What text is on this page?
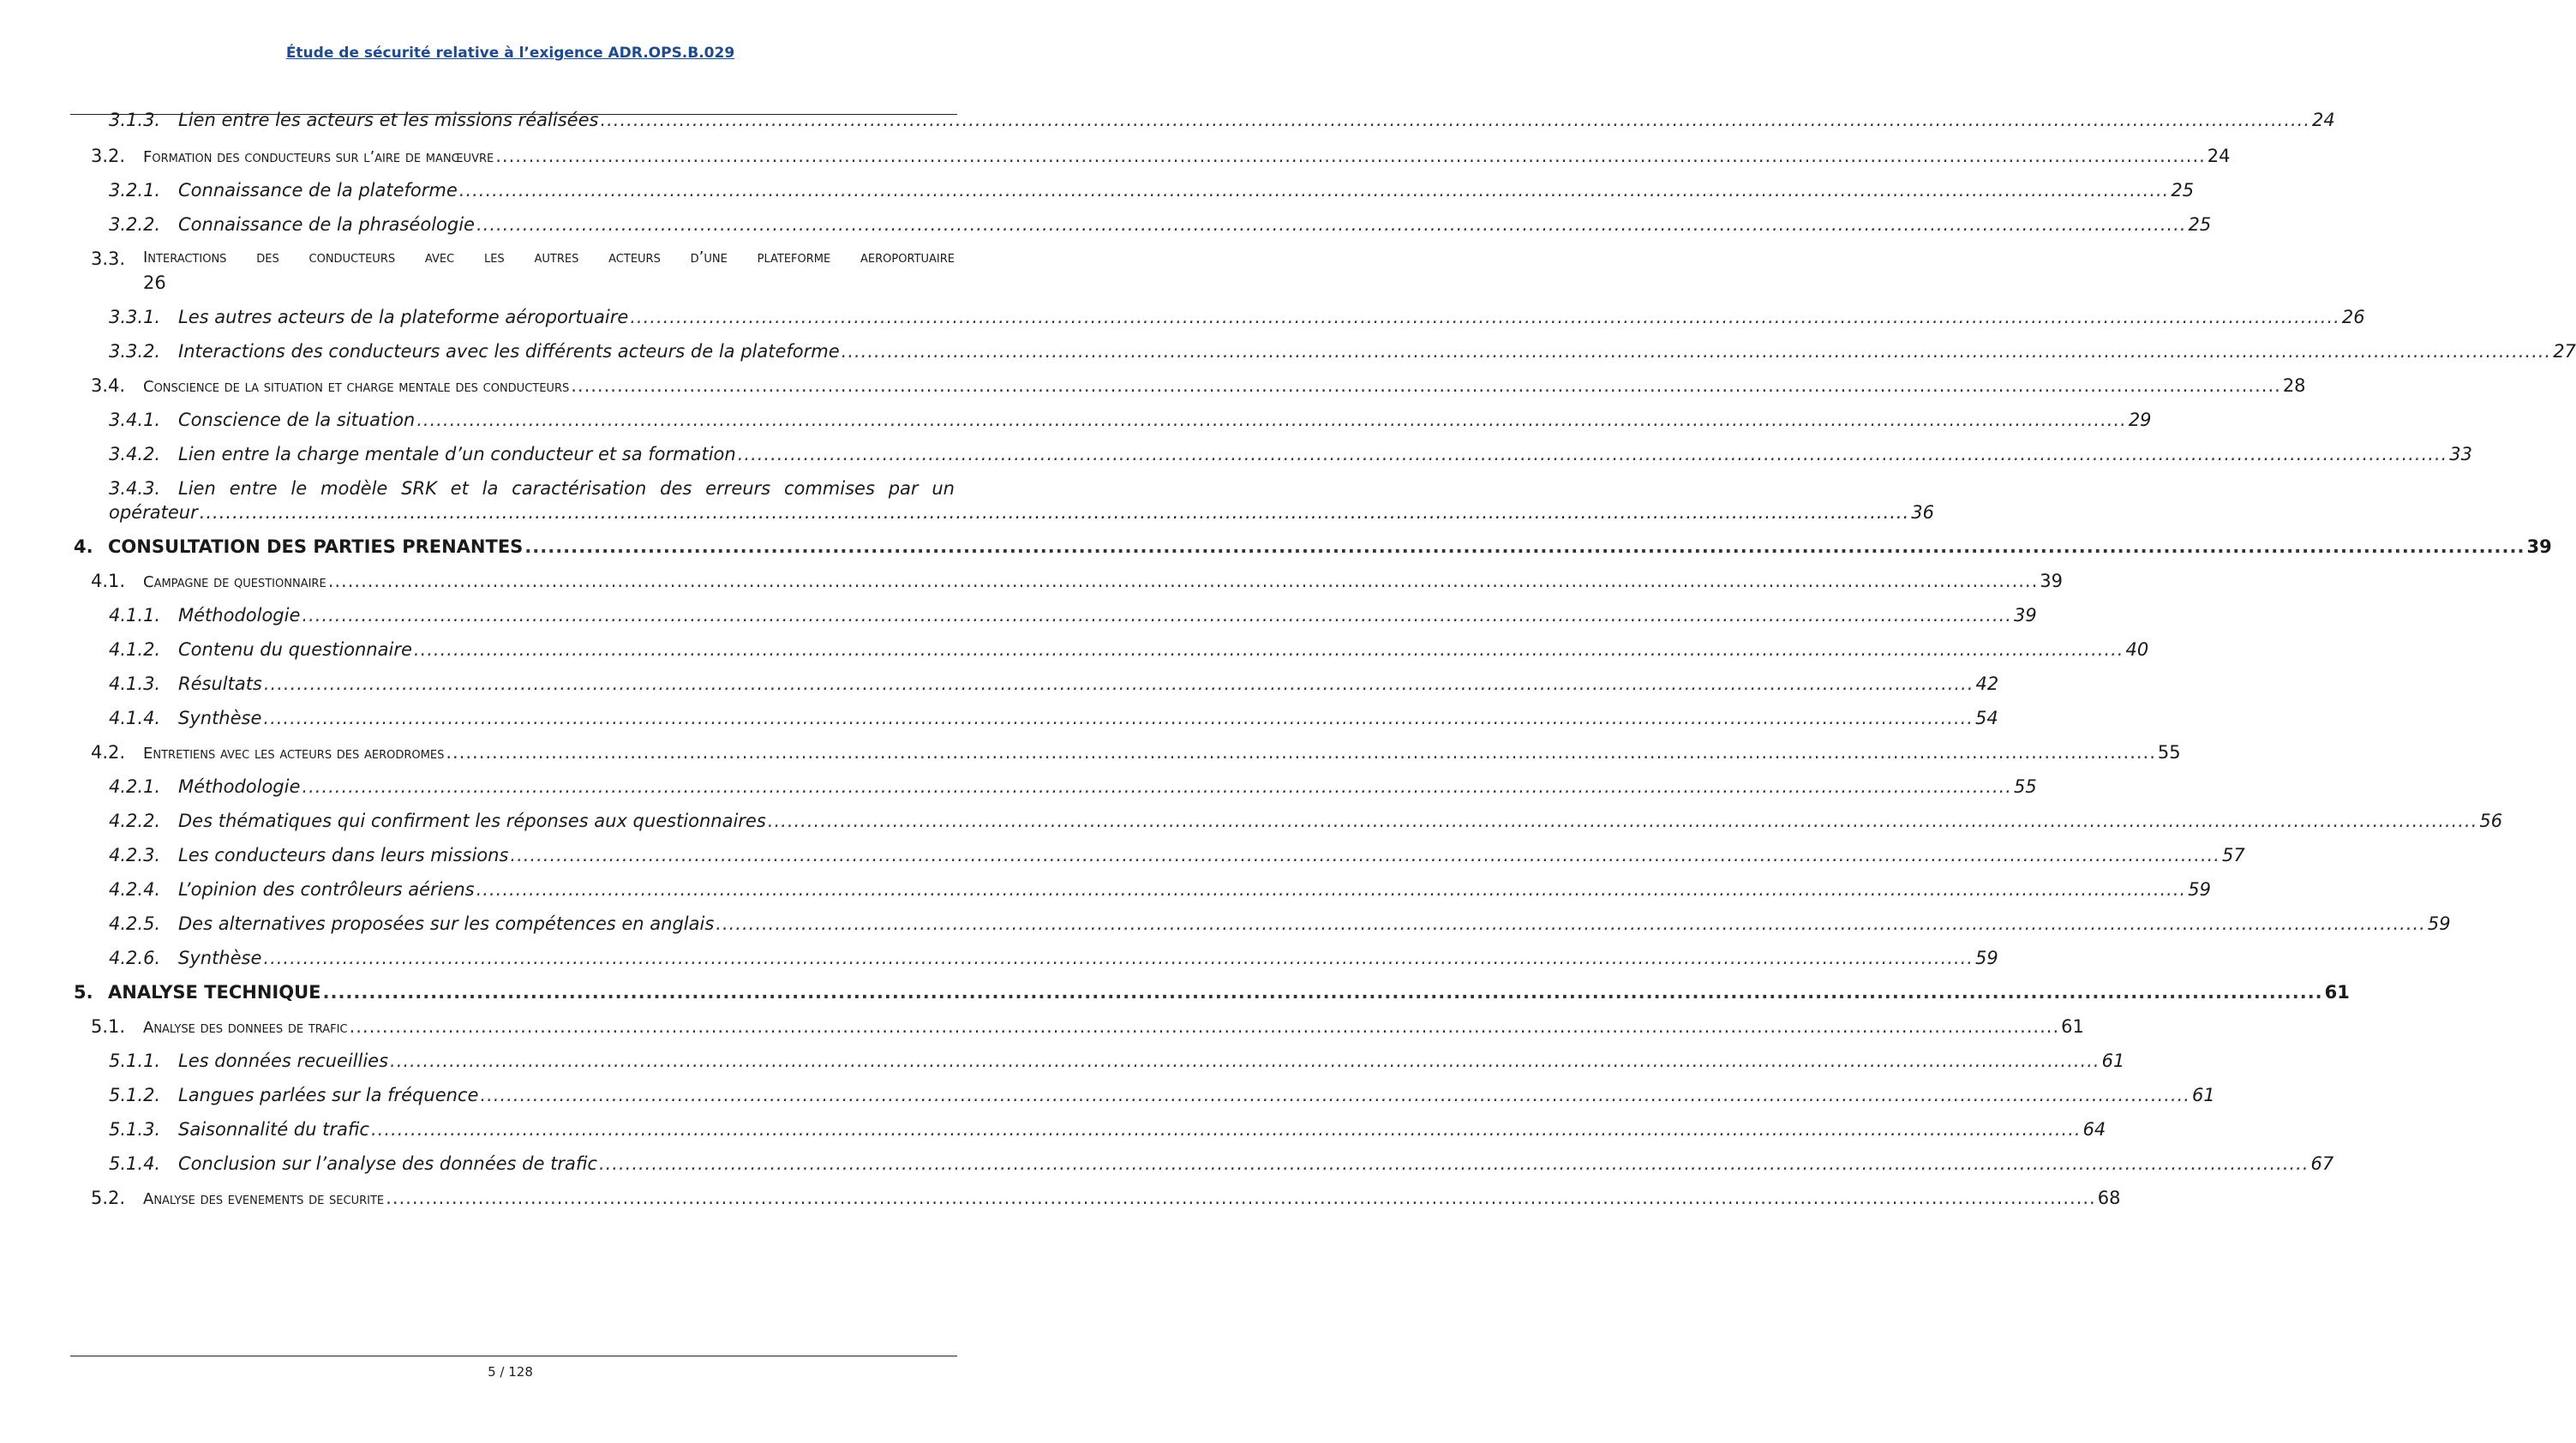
Étude de sécurité relative à l’exigence ADR.OPS.B.029
3.1.3. Lien entre les acteurs et les missions réalisées .....	24
3.2.	Formation des conducteurs sur l’aire de manœuvre .....	24
3.2.1. Connaissance de la plateforme .....	25
3.2.2. Connaissance de la phraséologie .....	25
3.3.	Interactions des conducteurs avec les autres acteurs d’une plateforme aeroportuaire
26
3.3.1. Les autres acteurs de la plateforme aéroportuaire .....	26
3.3.2. Interactions des conducteurs avec les différents acteurs de la plateforme .....	27
3.4.	Conscience de la situation et charge mentale des conducteurs .....	28
3.4.1. Conscience de la situation .....	29
3.4.2. Lien entre la charge mentale d’un conducteur et sa formation .....	33
3.4.3. Lien entre le modèle SRK et la caractérisation des erreurs commises par un
opérateur .....	36
4. CONSULTATION DES PARTIES PRENANTES .....	39
4.1.	Campagne de questionnaire .....	39
4.1.1. Méthodologie .....	39
4.1.2. Contenu du questionnaire .....	40
4.1.3. Résultats .....	42
4.1.4. Synthèse .....	54
4.2.	Entretiens avec les acteurs des aerodromes .....	55
4.2.1. Méthodologie .....	55
4.2.2. Des thématiques qui confirment les réponses aux questionnaires .....	56
4.2.3. Les conducteurs dans leurs missions .....	57
4.2.4. L’opinion des contrôleurs aériens .....	59
4.2.5. Des alternatives proposées sur les compétences en anglais .....	59
4.2.6. Synthèse .....	59
5. ANALYSE TECHNIQUE .....	61
5.1.	Analyse des donnees de trafic .....	61
5.1.1. Les données recueillies .....	61
5.1.2. Langues parlées sur la fréquence .....	61
5.1.3. Saisonnalité du trafic .....	64
5.1.4. Conclusion sur l’analyse des données de trafic .....	67
5.2.	Analyse des evenements de securite .....	68
5 / 128
